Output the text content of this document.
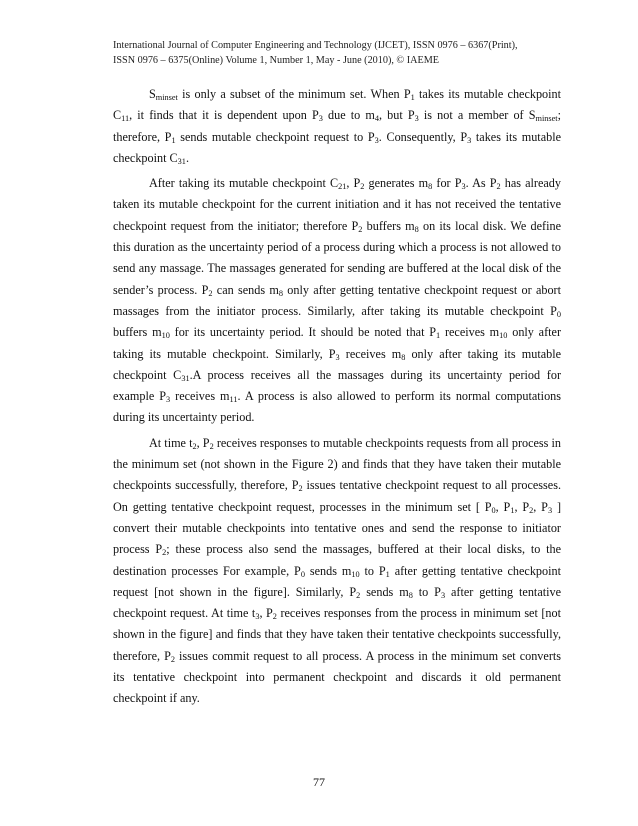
International Journal of Computer Engineering and Technology (IJCET), ISSN 0976 – 6367(Print),
ISSN 0976 – 6375(Online) Volume 1, Number 1, May - June (2010), © IAEME

$S_{minset}$ is only a subset of the minimum set. When $P_1$ takes its mutable checkpoint $C_{11}$, it finds that it is dependent upon $P_3$ due to $m_4$, but $P_3$ is not a member of $S_{minset}$; therefore, $P_1$ sends mutable checkpoint request to $P_3$. Consequently, $P_3$ takes its mutable checkpoint $C_{31}$.

After taking its mutable checkpoint $C_{21}$, $P_2$ generates $m_8$ for $P_3$. As $P_2$ has already taken its mutable checkpoint for the current initiation and it has not received the tentative checkpoint request from the initiator; therefore $P_2$ buffers $m_8$ on its local disk. We define this duration as the uncertainty period of a process during which a process is not allowed to send any massage. The massages generated for sending are buffered at the local disk of the sender’s process. $P_2$ can sends $m_8$ only after getting tentative checkpoint request or abort massages from the initiator process. Similarly, after taking its mutable checkpoint $P_0$ buffers $m_{10}$ for its uncertainty period. It should be noted that $P_1$ receives $m_{10}$ only after taking its mutable checkpoint. Similarly, $P_3$ receives $m_8$ only after taking its mutable checkpoint $C_{31}.A$ process receives all the massages during its uncertainty period for example $P_3$ receives $m_{11}$. A process is also allowed to perform its normal computations during its uncertainty period.

At time $t_2$, $P_2$ receives responses to mutable checkpoints requests from all process in the minimum set (not shown in the Figure 2) and finds that they have taken their mutable checkpoints successfully, therefore, $P_2$ issues tentative checkpoint request to all processes. On getting tentative checkpoint request, processes in the minimum set [ $P_0$, $P_1$, $P_2$, $P_3$ ] convert their mutable checkpoints into tentative ones and send the response to initiator process $P_2$; these process also send the massages, buffered at their local disks, to the destination processes For example, $P_0$ sends $m_{10}$ to $P_1$ after getting tentative checkpoint request [not shown in the figure]. Similarly, $P_2$ sends $m_8$ to $P_3$ after getting tentative checkpoint request. At time $t_3$, $P_2$ receives responses from the process in minimum set [not shown in the figure] and finds that they have taken their tentative checkpoints successfully, therefore, $P_2$ issues commit request to all process. A process in the minimum set converts its tentative checkpoint into permanent checkpoint and discards it old permanent checkpoint if any.

77
